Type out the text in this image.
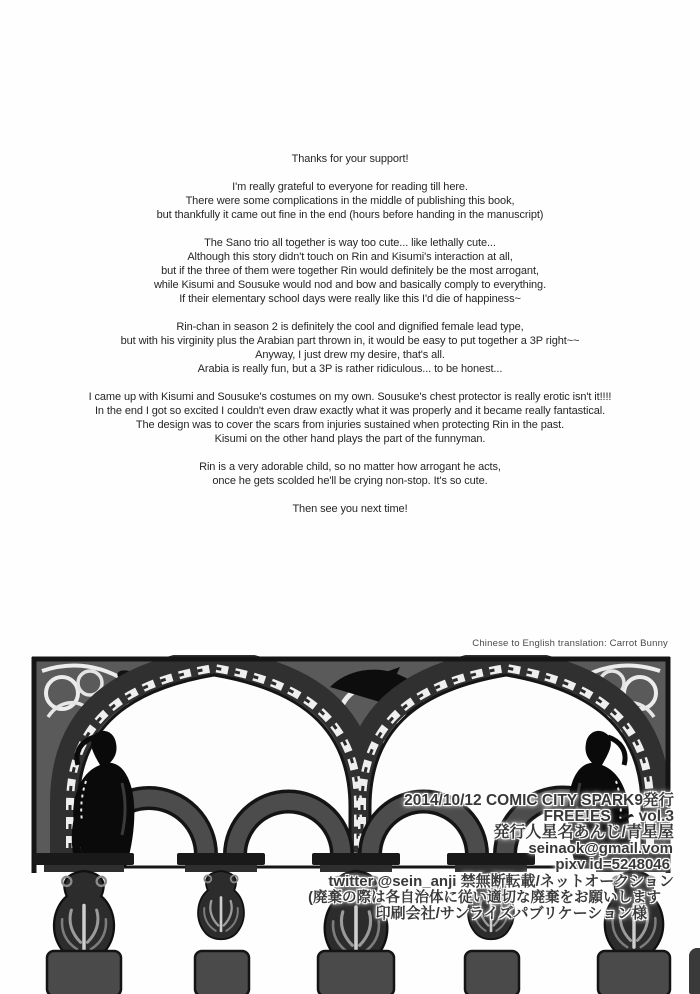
Thanks for your support!
I'm really grateful to everyone for reading till here.
There were some complications in the middle of publishing this book,
but thankfully it came out fine in the end (hours before handing in the manuscript)
The Sano trio all together is way too cute... like lethally cute...
Although this story didn't touch on Rin and Kisumi's interaction at all,
but if the three of them were together Rin would definitely be the most arrogant,
while Kisumi and Sousuke would nod and bow and basically comply to everything.
If their elementary school days were really like this I'd die of happiness~
Rin-chan in season 2 is definitely the cool and dignified female lead type,
but with his virginity plus the Arabian part thrown in, it would be easy to put together a 3P right~~
Anyway, I just drew my desire, that's all.
Arabia is really fun, but a 3P is rather ridiculous... to be honest...
I came up with Kisumi and Sousuke's costumes on my own. Sousuke's chest protector is really erotic isn't it!!!!
In the end I got so excited I couldn't even draw exactly what it was properly and it became really fantastical.
The design was to cover the scars from injuries sustained when protecting Rin in the past.
Kisumi on the other hand plays the part of the funnyman.
Rin is a very adorable child, so no matter how arrogant he acts,
once he gets scolded he'll be crying non-stop. It's so cute.
Then see you next time!
Chinese to English translation: Carrot Bunny
2014/10/12 COMIC CITY SPARK9発行
FREE!ES vol.3
発行人星名あんじ/青星屋
seinaok@gmail.vom
pixv id=5248046
twitter @sein_anji 禁無断転載/ネットオークション
(廃棄の際は各自治体に従い適切な廃棄をお願いします
印刷会社/サンライズパブリケーション様
